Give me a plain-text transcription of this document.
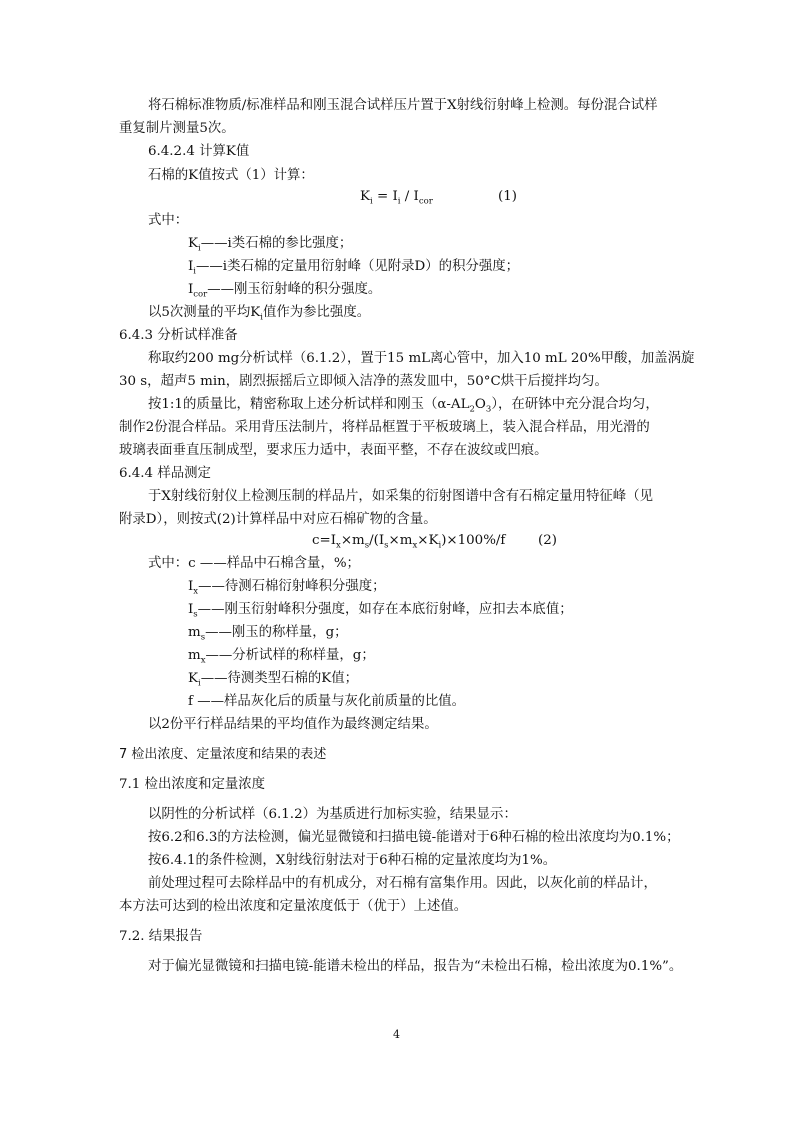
将石棉标准物质/标准样品和刚玉混合试样压片置于X射线衍射峰上检测。每份混合试样
重复制片测量5次。
6.4.2.4 计算K值
石棉的K值按式（1）计算：
$K_i = I_i / I_{cor}$	(1)
式中：
$K_i——i$类石棉的参比强度；
$I_i——i$类石棉的定量用衍射峰（见附录D）的积分强度；
$I_{cor}——$刚玉衍射峰的积分强度。
以5次测量的平均$K_i$值作为参比强度。
6.4.3 分析试样准备
称取约200 mg分析试样（6.1.2），置于15 mL离心管中，加入10 mL 20%甲酸，加盖涡旋
30 s，超声5 min，剧烈振摇后立即倾入洁净的蒸发皿中，50°C烘干后搅拌均匀。
按1:1的质量比，精密称取上述分析试样和刚玉$(\alpha-AL_2O_3)$，在研钵中充分混合均匀，
制作2份混合样品。采用背压法制片，将样品框置于平板玻璃上，装入混合样品，用光滑的
玻璃表面垂直压制成型，要求压力适中，表面平整，不存在波纹或凹痕。
6.4.4 样品测定
于X射线衍射仪上检测压制的样品片，如采集的衍射图谱中含有石棉定量用特征峰（见
附录D），则按式(2)计算样品中对应石棉矿物的含量。
$c=I_x\times m_s/(I_s\times m_x\times K_i)\times 100\%/f$ (2)
式中：c ——样品中石棉含量，%；
$I_x——$待测石棉衍射峰积分强度；
$I_s——$刚玉衍射峰积分强度，如存在本底衍射峰，应扣去本底值；
$m_s——$刚玉的称样量，g；
$m_x——$分析试样的称样量，g；
$K_i——$待测类型石棉的K值；
f ——样品灰化后的质量与灰化前质量的比值。
以2份平行样品结果的平均值作为最终测定结果。
7 检出浓度、定量浓度和结果的表述
7.1 检出浓度和定量浓度
以阴性的分析试样（6.1.2）为基质进行加标实验，结果显示：
按6.2和6.3的方法检测，偏光显微镜和扫描电镜-能谱对于6种石棉的检出浓度均为0.1%；
按6.4.1的条件检测，X射线衍射法对于6种石棉的定量浓度均为1%。
前处理过程可去除样品中的有机成分，对石棉有富集作用。因此，以灰化前的样品计，
本方法可达到的检出浓度和定量浓度低于（优于）上述值。
7.2. 结果报告
对于偏光显微镜和扫描电镜-能谱未检出的样品，报告为“未检出石棉，检出浓度为0.1%”。
4
